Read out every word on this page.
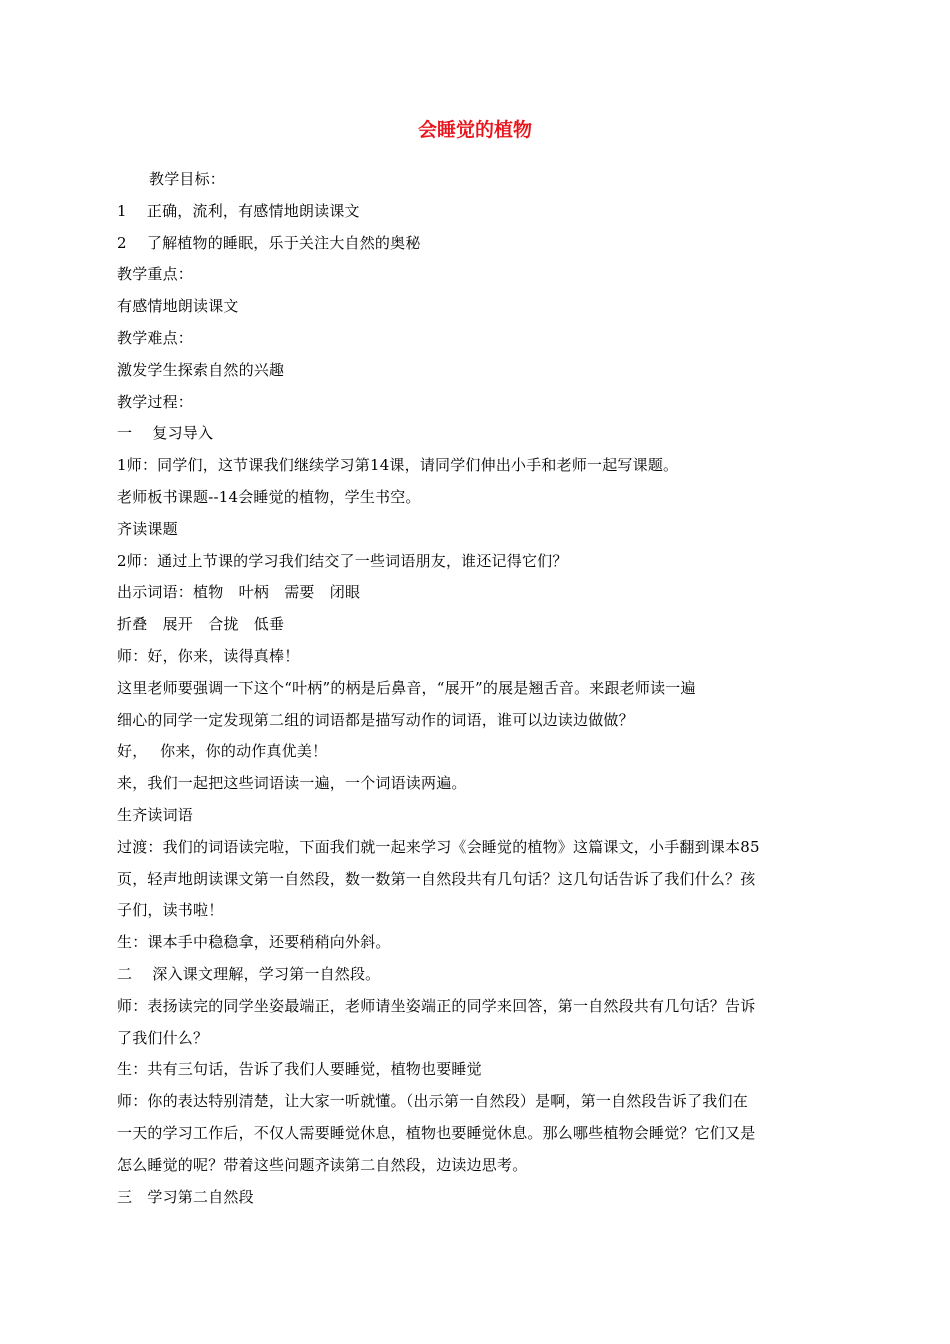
会睡觉的植物
教学目标：
1　 正确，流利，有感情地朗读课文
2　 了解植物的睡眠，乐于关注大自然的奥秘
教学重点：
有感情地朗读课文
教学难点：
激发学生探索自然的兴趣
教学过程：
一　 复习导入
1师：同学们，这节课我们继续学习第14课，请同学们伸出小手和老师一起写课题。
老师板书课题--14会睡觉的植物，学生书空。
齐读课题
2师：通过上节课的学习我们结交了一些词语朋友，谁还记得它们？
出示词语：植物　叶柄　需要　闭眼
折叠　展开　合拢　低垂
师：好，你来，读得真棒！
这里老师要强调一下这个“叶柄”的柄是后鼻音，“展开”的展是翘舌音。来跟老师读一遍
细心的同学一定发现第二组的词语都是描写动作的词语，谁可以边读边做做？
好，　 你来，你的动作真优美！
来，我们一起把这些词语读一遍，一个词语读两遍。
生齐读词语
过渡：我们的词语读完啦，下面我们就一起来学习《会睡觉的植物》这篇课文，小手翻到课本85
页，轻声地朗读课文第一自然段，数一数第一自然段共有几句话？这几句话告诉了我们什么？孩
子们，读书啦！
生：课本手中稳稳拿，还要稍稍向外斜。
二　 深入课文理解，学习第一自然段。
师：表扬读完的同学坐姿最端正，老师请坐姿端正的同学来回答，第一自然段共有几句话？告诉
了我们什么？
生：共有三句话，告诉了我们人要睡觉，植物也要睡觉
师：你的表达特别清楚，让大家一听就懂。（出示第一自然段）是啊，第一自然段告诉了我们在
一天的学习工作后，不仅人需要睡觉休息，植物也要睡觉休息。那么哪些植物会睡觉？它们又是
怎么睡觉的呢？带着这些问题齐读第二自然段，边读边思考。
三　学习第二自然段
